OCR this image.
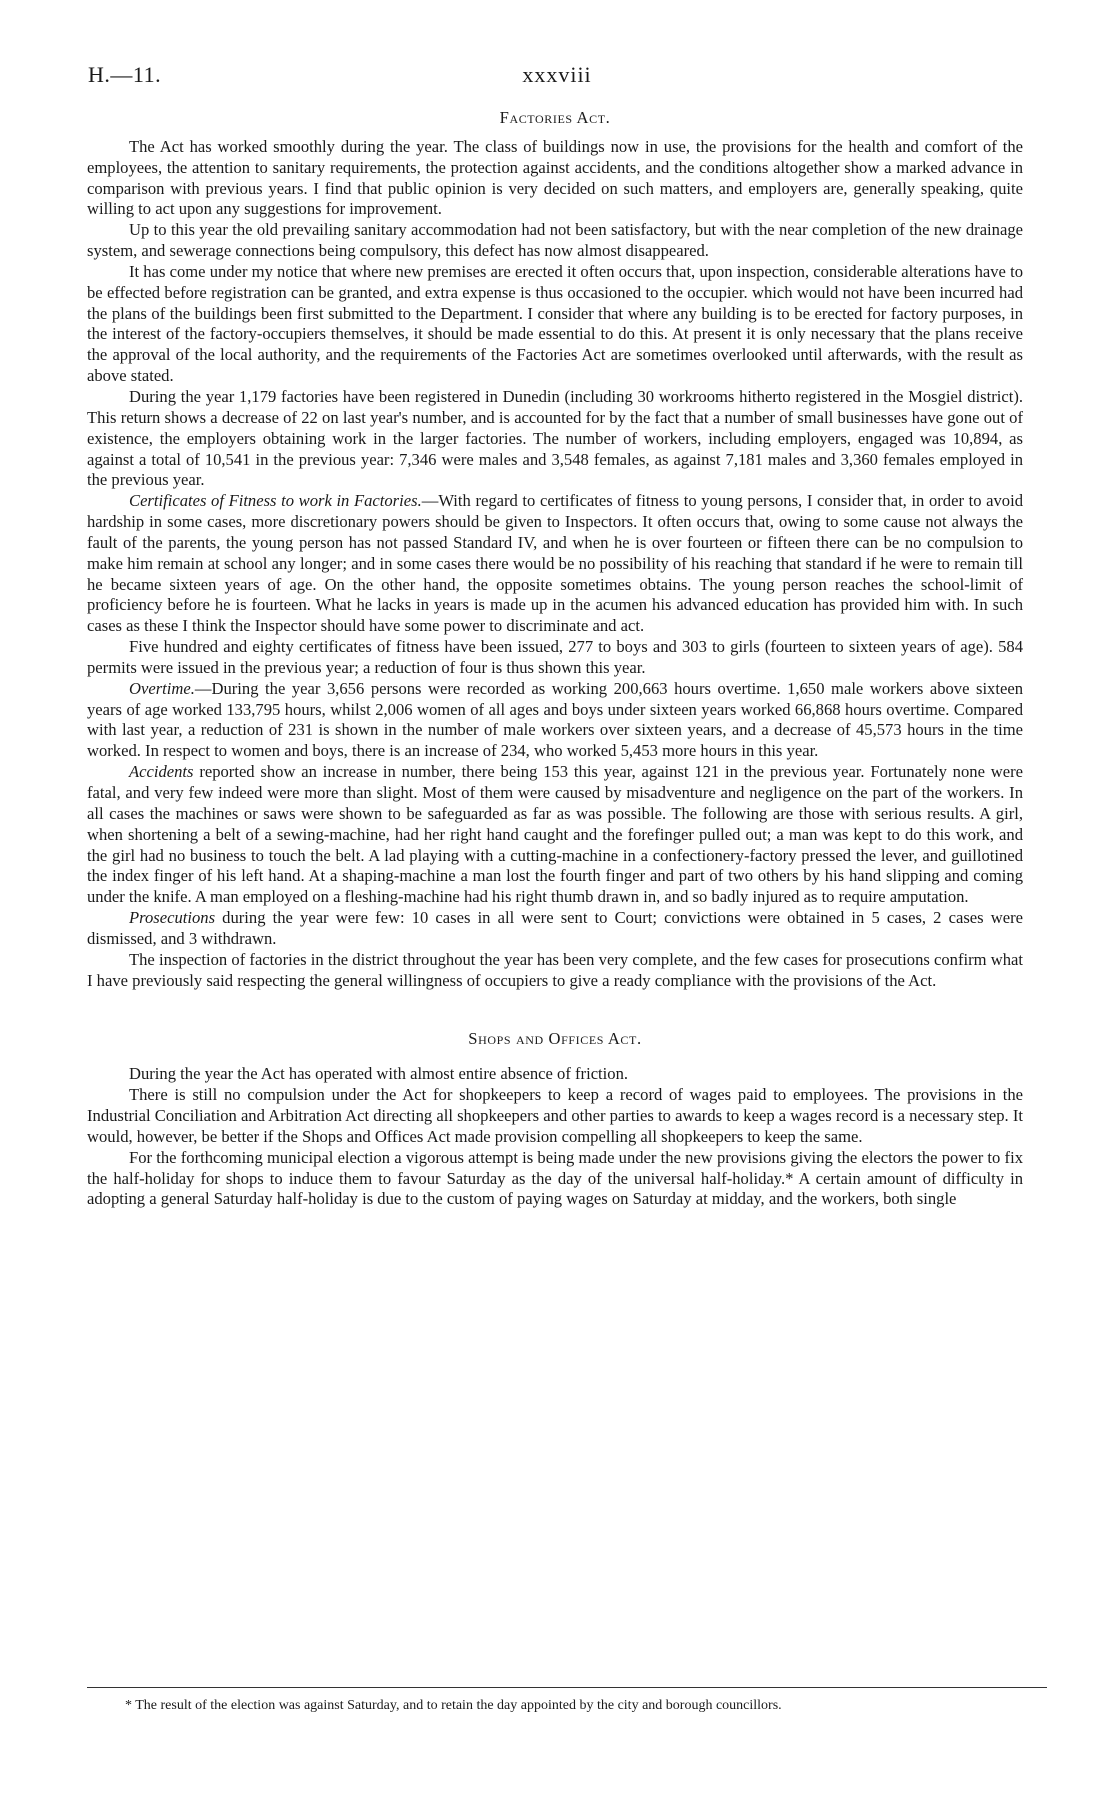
H.—11.	xxxviii
Factories Act.

The Act has worked smoothly during the year. The class of buildings now in use, the provisions for the health and comfort of the employees, the attention to sanitary requirements, the protection against accidents, and the conditions altogether show a marked advance in comparison with previous years. I find that public opinion is very decided on such matters, and employers are, generally speaking, quite willing to act upon any suggestions for improvement.

Up to this year the old prevailing sanitary accommodation had not been satisfactory, but with the near completion of the new drainage system, and sewerage connections being compulsory, this defect has now almost disappeared.

It has come under my notice that where new premises are erected it often occurs that, upon inspection, considerable alterations have to be effected before registration can be granted, and extra expense is thus occasioned to the occupier. which would not have been incurred had the plans of the buildings been first submitted to the Department. I consider that where any building is to be erected for factory purposes, in the interest of the factory-occupiers themselves, it should be made essential to do this. At present it is only necessary that the plans receive the approval of the local authority, and the requirements of the Factories Act are sometimes overlooked until afterwards, with the result as above stated.

During the year 1,179 factories have been registered in Dunedin (including 30 workrooms hitherto registered in the Mosgiel district). This return shows a decrease of 22 on last year's number, and is accounted for by the fact that a number of small businesses have gone out of existence, the employers obtaining work in the larger factories. The number of workers, including employers, engaged was 10,894, as against a total of 10,541 in the previous year: 7,346 were males and 3,548 females, as against 7,181 males and 3,360 females employed in the previous year.

Certificates of Fitness to work in Factories.—With regard to certificates of fitness to young persons, I consider that, in order to avoid hardship in some cases, more discretionary powers should be given to Inspectors. It often occurs that, owing to some cause not always the fault of the parents, the young person has not passed Standard IV, and when he is over fourteen or fifteen there can be no compulsion to make him remain at school any longer; and in some cases there would be no possibility of his reaching that standard if he were to remain till he became sixteen years of age. On the other hand, the opposite sometimes obtains. The young person reaches the school-limit of proficiency before he is fourteen. What he lacks in years is made up in the acumen his advanced education has provided him with. In such cases as these I think the Inspector should have some power to discriminate and act.

Five hundred and eighty certificates of fitness have been issued, 277 to boys and 303 to girls (fourteen to sixteen years of age). 584 permits were issued in the previous year; a reduction of four is thus shown this year.

Overtime.—During the year 3,656 persons were recorded as working 200,663 hours overtime. 1,650 male workers above sixteen years of age worked 133,795 hours, whilst 2,006 women of all ages and boys under sixteen years worked 66,868 hours overtime. Compared with last year, a reduction of 231 is shown in the number of male workers over sixteen years, and a decrease of 45,573 hours in the time worked. In respect to women and boys, there is an increase of 234, who worked 5,453 more hours in this year.

Accidents reported show an increase in number, there being 153 this year, against 121 in the previous year. Fortunately none were fatal, and very few indeed were more than slight. Most of them were caused by misadventure and negligence on the part of the workers. In all cases the machines or saws were shown to be safeguarded as far as was possible. The following are those with serious results. A girl, when shortening a belt of a sewing-machine, had her right hand caught and the forefinger pulled out; a man was kept to do this work, and the girl had no business to touch the belt. A lad playing with a cutting-machine in a confectionery-factory pressed the lever, and guillotined the index finger of his left hand. At a shaping-machine a man lost the fourth finger and part of two others by his hand slipping and coming under the knife. A man employed on a fleshing-machine had his right thumb drawn in, and so badly injured as to require amputation.

Prosecutions during the year were few: 10 cases in all were sent to Court; convictions were obtained in 5 cases, 2 cases were dismissed, and 3 withdrawn.

The inspection of factories in the district throughout the year has been very complete, and the few cases for prosecutions confirm what I have previously said respecting the general willingness of occupiers to give a ready compliance with the provisions of the Act.

Shops and Offices Act.

During the year the Act has operated with almost entire absence of friction.

There is still no compulsion under the Act for shopkeepers to keep a record of wages paid to employees. The provisions in the Industrial Conciliation and Arbitration Act directing all shopkeepers and other parties to awards to keep a wages record is a necessary step. It would, however, be better if the Shops and Offices Act made provision compelling all shopkeepers to keep the same.

For the forthcoming municipal election a vigorous attempt is being made under the new provisions giving the electors the power to fix the half-holiday for shops to induce them to favour Saturday as the day of the universal half-holiday.* A certain amount of difficulty in adopting a general Saturday half-holiday is due to the custom of paying wages on Saturday at midday, and the workers, both single

* The result of the election was against Saturday, and to retain the day appointed by the city and borough councillors.
